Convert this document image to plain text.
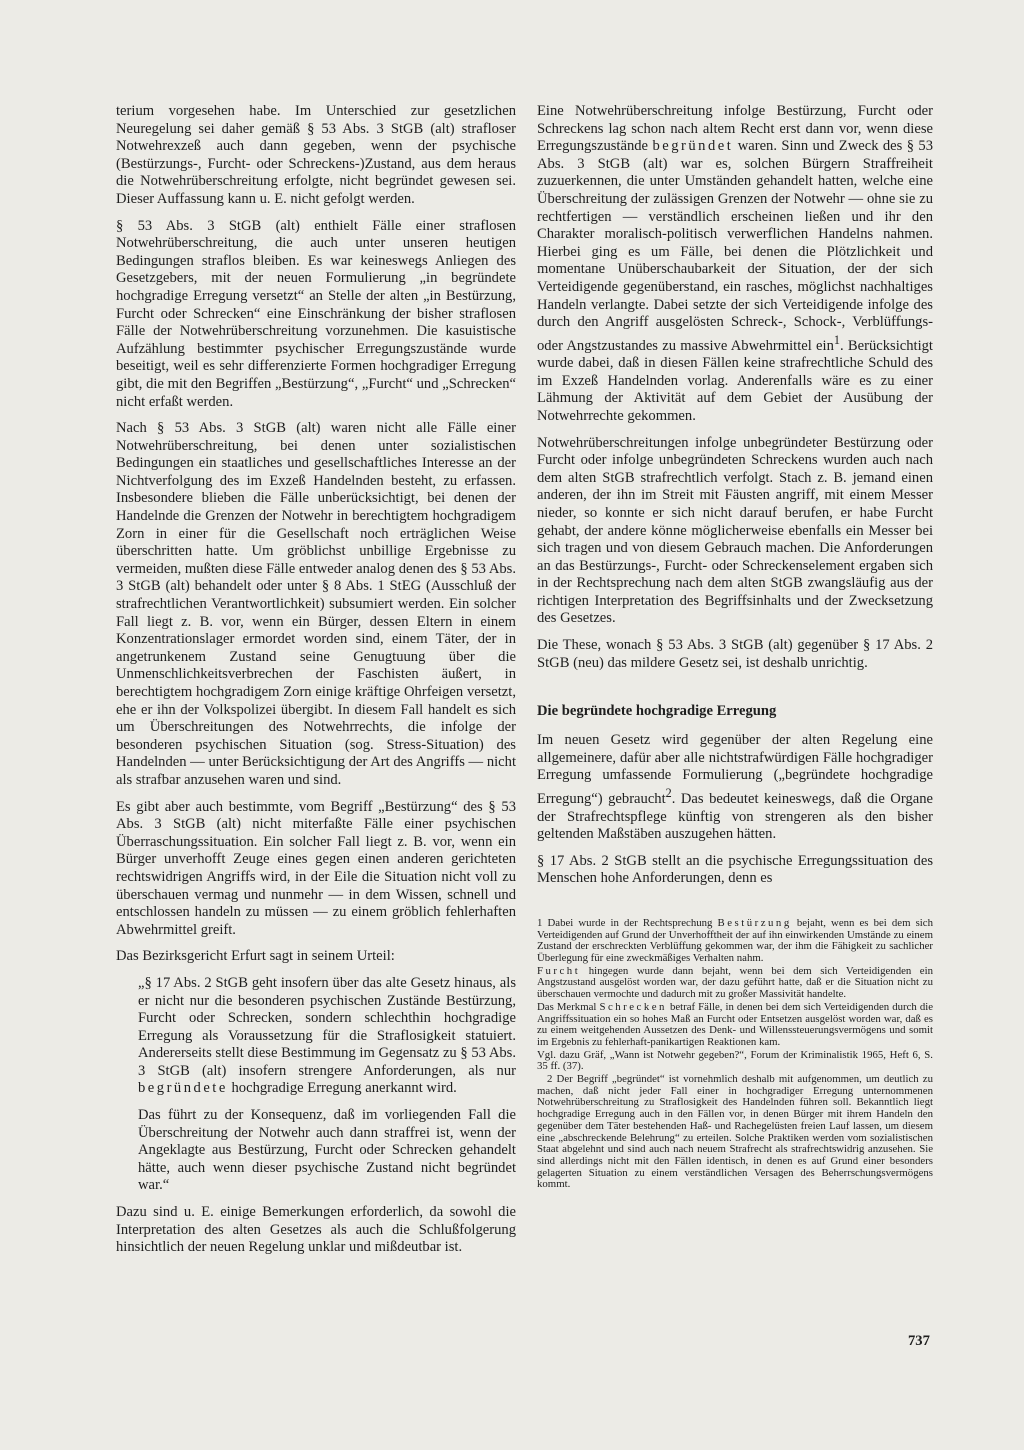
terium vorgesehen habe. Im Unterschied zur gesetzlichen Neuregelung sei daher gemäß § 53 Abs. 3 StGB (alt) strafloser Notwehrexzeß auch dann gegeben, wenn der psychische (Bestürzungs-, Furcht- oder Schreckens-)Zustand, aus dem heraus die Notwehrüberschreitung erfolgte, nicht begründet gewesen sei. Dieser Auffassung kann u. E. nicht gefolgt werden.

§ 53 Abs. 3 StGB (alt) enthielt Fälle einer straflosen Notwehrüberschreitung, die auch unter unseren heutigen Bedingungen straflos bleiben. Es war keineswegs Anliegen des Gesetzgebers, mit der neuen Formulierung „in begründete hochgradige Erregung versetzt“ an Stelle der alten „in Bestürzung, Furcht oder Schrecken“ eine Einschränkung der bisher straflosen Fälle der Notwehrüberschreitung vorzunehmen. Die kasuistische Aufzählung bestimmter psychischer Erregungszustände wurde beseitigt, weil es sehr differenzierte Formen hochgradiger Erregung gibt, die mit den Begriffen „Bestürzung“, „Furcht“ und „Schrecken“ nicht erfaßt werden.

Nach § 53 Abs. 3 StGB (alt) waren nicht alle Fälle einer Notwehrüberschreitung, bei denen unter sozialistischen Bedingungen ein staatliches und gesellschaftliches Interesse an der Nichtverfolgung des im Exzeß Handelnden besteht, zu erfassen. Insbesondere blieben die Fälle unberücksichtigt, bei denen der Handelnde die Grenzen der Notwehr in berechtigtem hochgradigem Zorn in einer für die Gesellschaft noch erträglichen Weise überschritten hatte. Um gröblichst unbillige Ergebnisse zu vermeiden, mußten diese Fälle entweder analog denen des § 53 Abs. 3 StGB (alt) behandelt oder unter § 8 Abs. 1 StEG (Ausschluß der strafrechtlichen Verantwortlichkeit) subsumiert werden. Ein solcher Fall liegt z. B. vor, wenn ein Bürger, dessen Eltern in einem Konzentrationslager ermordet worden sind, einem Täter, der in angetrunkenem Zustand seine Genugtuung über die Unmenschlichkeitsverbrechen der Faschisten äußert, in berechtigtem hochgradigem Zorn einige kräftige Ohrfeigen versetzt, ehe er ihn der Volkspolizei übergibt. In diesem Fall handelt es sich um Überschreitungen des Notwehrrechts, die infolge der besonderen psychischen Situation (sog. Stress-Situation) des Handelnden — unter Berücksichtigung der Art des Angriffs — nicht als strafbar anzusehen waren und sind.

Es gibt aber auch bestimmte, vom Begriff „Bestürzung“ des § 53 Abs. 3 StGB (alt) nicht miterfaßte Fälle einer psychischen Überraschungssituation. Ein solcher Fall liegt z. B. vor, wenn ein Bürger unverhofft Zeuge eines gegen einen anderen gerichteten rechtswidrigen Angriffs wird, in der Eile die Situation nicht voll zu überschauen vermag und nunmehr — in dem Wissen, schnell und entschlossen handeln zu müssen — zu einem gröblich fehlerhaften Abwehrmittel greift.

Das Bezirksgericht Erfurt sagt in seinem Urteil:

„§ 17 Abs. 2 StGB geht insofern über das alte Gesetz hinaus, als er nicht nur die besonderen psychischen Zustände Bestürzung, Furcht oder Schrecken, sondern schlechthin hochgradige Erregung als Voraussetzung für die Straflosigkeit statuiert. Andererseits stellt diese Bestimmung im Gegensatz zu § 53 Abs. 3 StGB (alt) insofern strengere Anforderungen, als nur begründete hochgradige Erregung anerkannt wird.

Das führt zu der Konsequenz, daß im vorliegenden Fall die Überschreitung der Notwehr auch dann straffrei ist, wenn der Angeklagte aus Bestürzung, Furcht oder Schrecken gehandelt hätte, auch wenn dieser psychische Zustand nicht begründet war.“

Dazu sind u. E. einige Bemerkungen erforderlich, da sowohl die Interpretation des alten Gesetzes als auch die Schlußfolgerung hinsichtlich der neuen Regelung unklar und mißdeutbar ist.

Eine Notwehrüberschreitung infolge Bestürzung, Furcht oder Schreckens lag schon nach altem Recht erst dann vor, wenn diese Erregungszustände begründet waren. Sinn und Zweck des § 53 Abs. 3 StGB (alt) war es, solchen Bürgern Straffreiheit zuzuerkennen, die unter Umständen gehandelt hatten, welche eine Überschreitung der zulässigen Grenzen der Notwehr — ohne sie zu rechtfertigen — verständlich erscheinen ließen und ihr den Charakter moralisch-politisch verwerflichen Handelns nahmen. Hierbei ging es um Fälle, bei denen die Plötzlichkeit und momentane Unüberschaubarkeit der Situation, der der sich Verteidigende gegenüberstand, ein rasches, möglichst nachhaltiges Handeln verlangte. Dabei setzte der sich Verteidigende infolge des durch den Angriff ausgelösten Schreck-, Schock-, Verblüffungs- oder Angstzustandes zu massive Abwehrmittel ein$^1$. Berücksichtigt wurde dabei, daß in diesen Fällen keine strafrechtliche Schuld des im Exzeß Handelnden vorlag. Anderenfalls wäre es zu einer Lähmung der Aktivität auf dem Gebiet der Ausübung der Notwehrrechte gekommen.

Notwehrüberschreitungen infolge unbegründeter Bestürzung oder Furcht oder infolge unbegründeten Schreckens wurden auch nach dem alten StGB strafrechtlich verfolgt. Stach z. B. jemand einen anderen, der ihn im Streit mit Fäusten angriff, mit einem Messer nieder, so konnte er sich nicht darauf berufen, er habe Furcht gehabt, der andere könne möglicherweise ebenfalls ein Messer bei sich tragen und von diesem Gebrauch machen. Die Anforderungen an das Bestürzungs-, Furcht- oder Schreckenselement ergaben sich in der Rechtsprechung nach dem alten StGB zwangsläufig aus der richtigen Interpretation des Begriffsinhalts und der Zwecksetzung des Gesetzes.

Die These, wonach § 53 Abs. 3 StGB (alt) gegenüber § 17 Abs. 2 StGB (neu) das mildere Gesetz sei, ist deshalb unrichtig.

Die begründete hochgradige Erregung

Im neuen Gesetz wird gegenüber der alten Regelung eine allgemeinere, dafür aber alle nichtstrafwürdigen Fälle hochgradiger Erregung umfassende Formulierung („begründete hochgradige Erregung“) gebraucht$^2$. Das bedeutet keineswegs, daß die Organe der Strafrechtspflege künftig von strengeren als den bisher geltenden Maßstäben auszugehen hätten.

§ 17 Abs. 2 StGB stellt an die psychische Erregungssituation des Menschen hohe Anforderungen, denn es

1 Dabei wurde in der Rechtsprechung Bestürzung bejaht, wenn es bei dem sich Verteidigenden auf Grund der Unverhofftheit der auf ihn einwirkenden Umstände zu einem Zustand der erschreckten Verblüffung gekommen war, der ihm die Fähigkeit zu sachlicher Überlegung für eine zweckmäßiges Verhalten nahm.

Furcht hingegen wurde dann bejaht, wenn bei dem sich Verteidigenden ein Angstzustand ausgelöst worden war, der dazu geführt hatte, daß er die Situation nicht zu überschauen vermochte und dadurch mit zu großer Massivität handelte.

Das Merkmal Schrecken betraf Fälle, in denen bei dem sich Verteidigenden durch die Angriffssituation ein so hohes Maß an Furcht oder Entsetzen ausgelöst worden war, daß es zu einem weitgehenden Aussetzen des Denk- und Willenssteuerungsvermögens und somit im Ergebnis zu fehlerhaft-panikartigen Reaktionen kam.

Vgl. dazu Gräf, „Wann ist Notwehr gegeben?“, Forum der Kriminalistik 1965, Heft 6, S. 35 ff. (37).

2 Der Begriff „begründet“ ist vornehmlich deshalb mit aufgenommen, um deutlich zu machen, daß nicht jeder Fall einer in hochgradiger Erregung unternommenen Notwehrüberschreitung zu Straflosigkeit des Handelnden führen soll. Bekanntlich liegt hochgradige Erregung auch in den Fällen vor, in denen Bürger mit ihrem Handeln den gegenüber dem Täter bestehenden Haß- und Rachegelüsten freien Lauf lassen, um diesem eine „abschreckende Belehrung“ zu erteilen. Solche Praktiken werden vom sozialistischen Staat abgelehnt und sind auch nach neuem Strafrecht als strafrechtswidrig anzusehen. Sie sind allerdings nicht mit den Fällen identisch, in denen es auf Grund einer besonders gelagerten Situation zu einem verständlichen Versagen des Beherrschungsvermögens kommt.

737
